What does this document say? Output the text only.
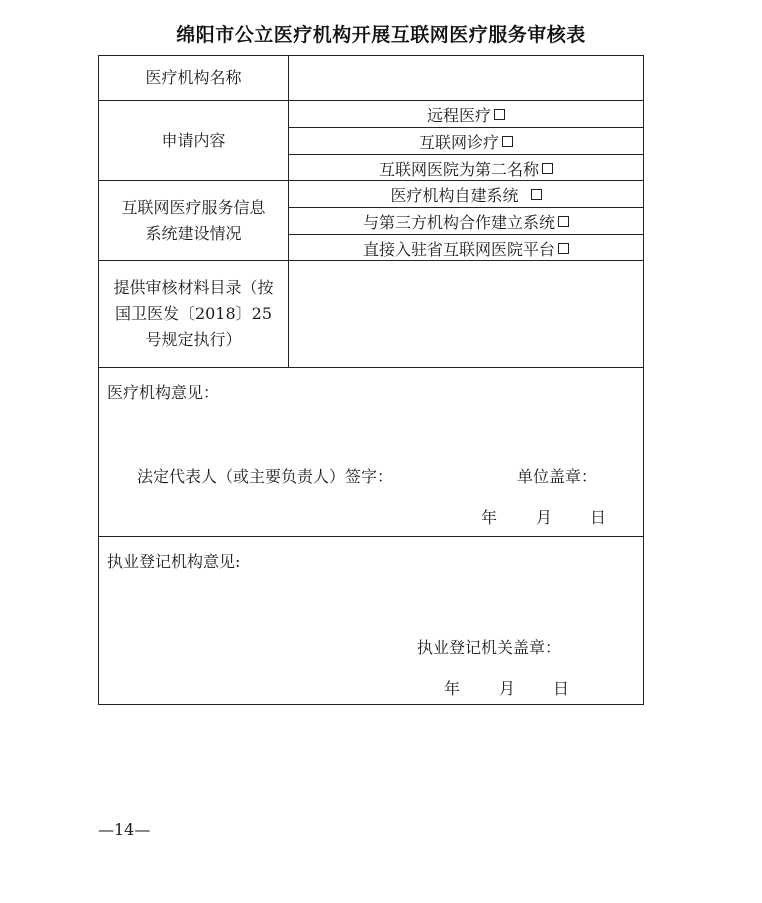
绵阳市公立医疗机构开展互联网医疗服务审核表
医疗机构名称
申请内容
远程医疗
互联网诊疗
互联网医院为第二名称
互联网医疗服务信息
系统建设情况
医疗机构自建系统
与第三方机构合作建立系统
直接入驻省互联网医院平台
提供审核材料目录（按
国卫医发〔2018〕25
号规定执行）
医疗机构意见：
法定代表人（或主要负责人）签字：	单位盖章：
年 月 日
执业登记机构意见:
执业登记机关盖章：
年 月 日
—14—
